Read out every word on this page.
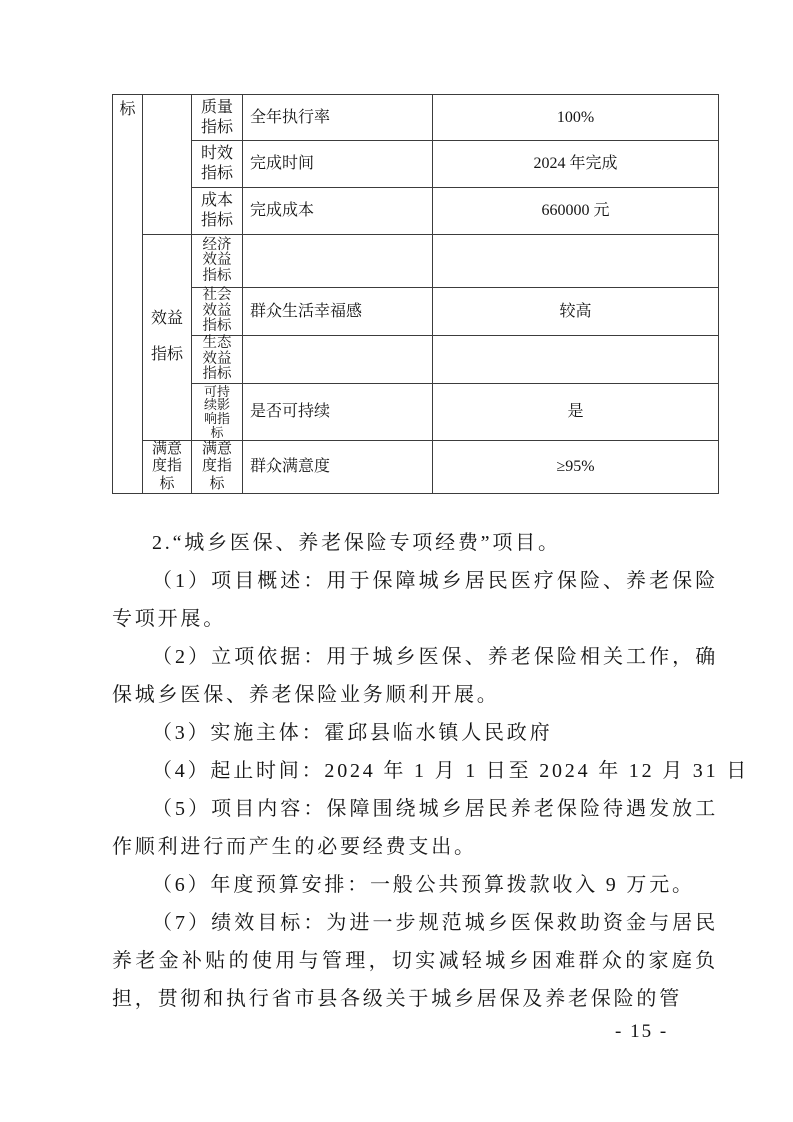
标		质量指标	全年执行率	100%
		时效指标	完成时间	2024 年完成
		成本指标	完成成本	660000 元
	效益指标	经济效益指标		
		社会效益指标	群众生活幸福感	较高
		生态效益指标		
		可持续影响指标	是否可持续	是
	满意度指标	满意度指标	群众满意度	≥95%

2.“城乡医保、养老保险专项经费”项目。

（1）项目概述：用于保障城乡居民医疗保险、养老保险专项开展。

（2）立项依据：用于城乡医保、养老保险相关工作，确保城乡医保、养老保险业务顺利开展。

（3）实施主体：霍邱县临水镇人民政府

（4）起止时间：2024 年 1 月 1 日至 2024 年 12 月 31 日

（5）项目内容：保障围绕城乡居民养老保险待遇发放工作顺利进行而产生的必要经费支出。

（6）年度预算安排：一般公共预算拨款收入 9 万元。

（7）绩效目标：为进一步规范城乡医保救助资金与居民养老金补贴的使用与管理，切实减轻城乡困难群众的家庭负担，贯彻和执行省市县各级关于城乡居保及养老保险的管

- 15 -
